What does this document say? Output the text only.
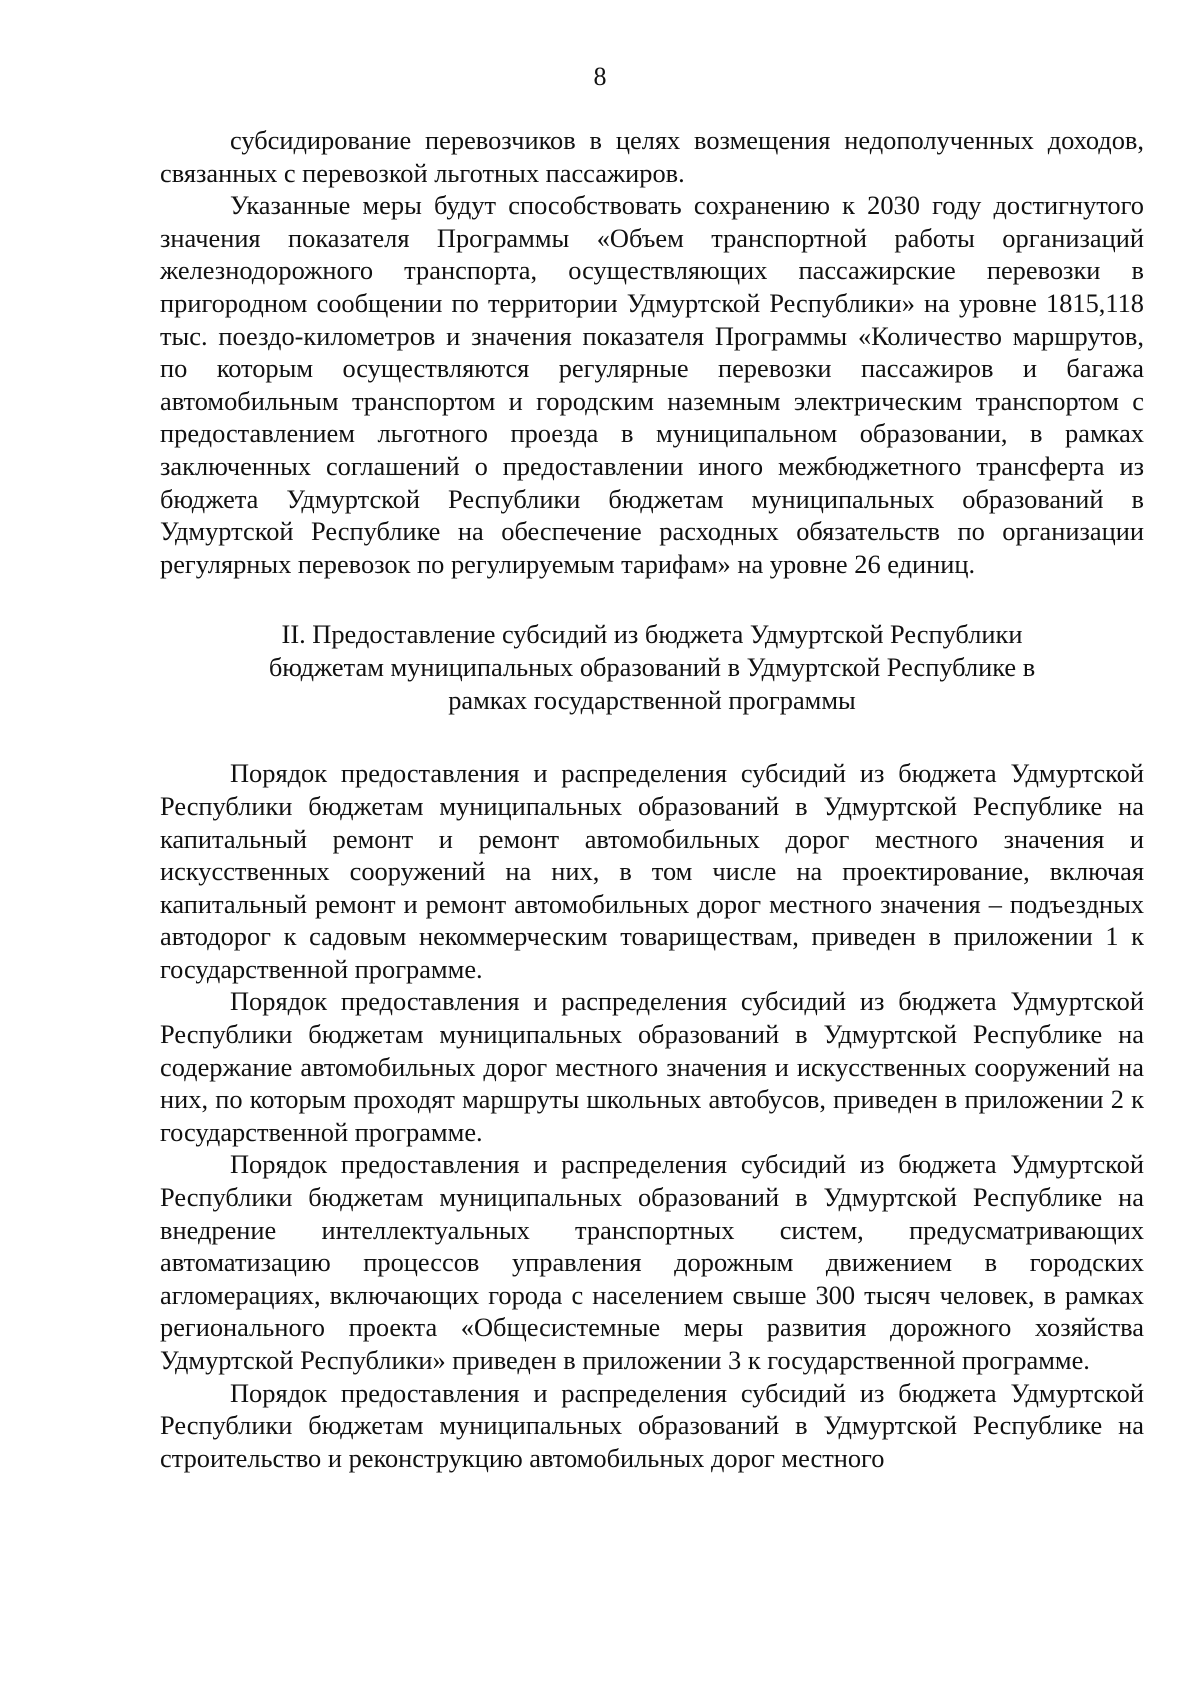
8

субсидирование перевозчиков в целях возмещения недополученных доходов, связанных с перевозкой льготных пассажиров.

Указанные меры будут способствовать сохранению к 2030 году достигнутого значения показателя Программы «Объем транспортной работы организаций железнодорожного транспорта, осуществляющих пассажирские перевозки в пригородном сообщении по территории Удмуртской Республики» на уровне 1815,118 тыс. поездо-километров и значения показателя Программы «Количество маршрутов, по которым осуществляются регулярные перевозки пассажиров и багажа автомобильным транспортом и городским наземным электрическим транспортом с предоставлением льготного проезда в муниципальном образовании, в рамках заключенных соглашений о предоставлении иного межбюджетного трансферта из бюджета Удмуртской Республики бюджетам муниципальных образований в Удмуртской Республике на обеспечение расходных обязательств по организации регулярных перевозок по регулируемым тарифам» на уровне 26 единиц.

II. Предоставление субсидий из бюджета Удмуртской Республики бюджетам муниципальных образований в Удмуртской Республике в рамках государственной программы

Порядок предоставления и распределения субсидий из бюджета Удмуртской Республики бюджетам муниципальных образований в Удмуртской Республике на капитальный ремонт и ремонт автомобильных дорог местного значения и искусственных сооружений на них, в том числе на проектирование, включая капитальный ремонт и ремонт автомобильных дорог местного значения – подъездных автодорог к садовым некоммерческим товариществам, приведен в приложении 1 к государственной программе.

Порядок предоставления и распределения субсидий из бюджета Удмуртской Республики бюджетам муниципальных образований в Удмуртской Республике на содержание автомобильных дорог местного значения и искусственных сооружений на них, по которым проходят маршруты школьных автобусов, приведен в приложении 2 к государственной программе.

Порядок предоставления и распределения субсидий из бюджета Удмуртской Республики бюджетам муниципальных образований в Удмуртской Республике на внедрение интеллектуальных транспортных систем, предусматривающих автоматизацию процессов управления дорожным движением в городских агломерациях, включающих города с населением свыше 300 тысяч человек, в рамках регионального проекта «Общесистемные меры развития дорожного хозяйства Удмуртской Республики» приведен в приложении 3 к государственной программе.

Порядок предоставления и распределения субсидий из бюджета Удмуртской Республики бюджетам муниципальных образований в Удмуртской Республике на строительство и реконструкцию автомобильных дорог местного
